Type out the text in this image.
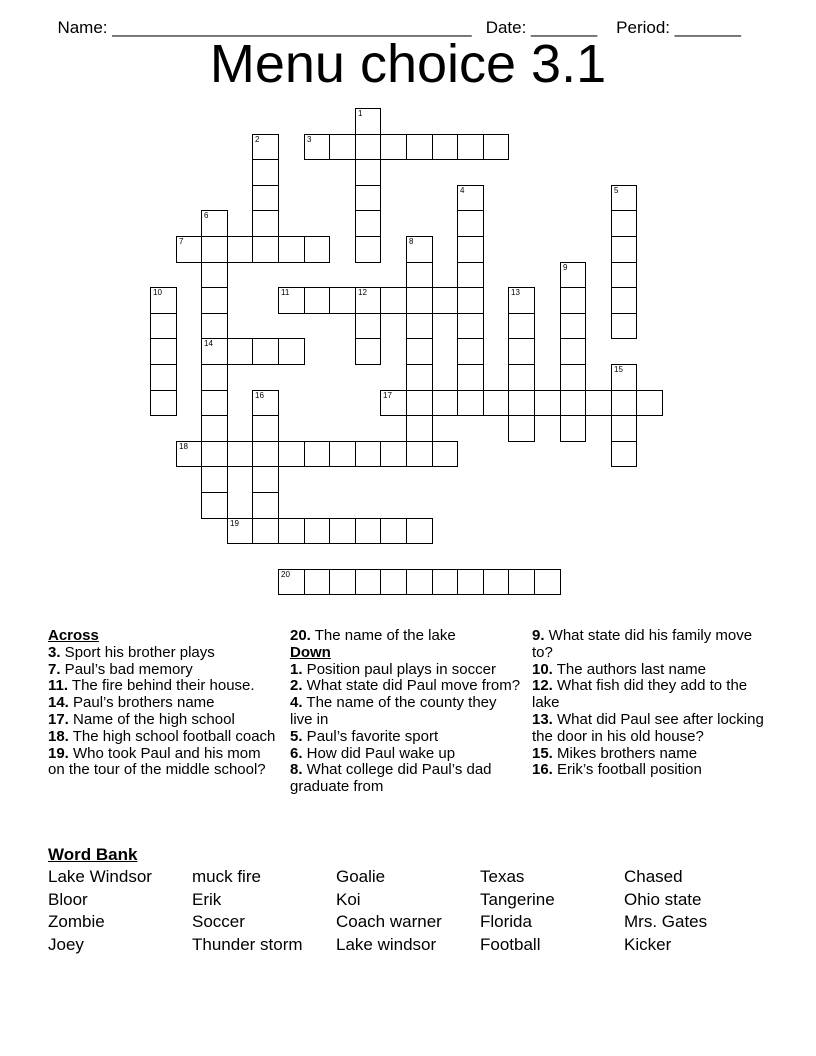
Name: ______________________________________ Date: _______ Period: _______

Menu choice 3.1
1
2	3
4	5
6
14
7	8
9
10	11	12	13
15
16	17
18
19
20
Across
3. Sport his brother plays
7. Paul’s bad memory
11. The fire behind their house.
14. Paul’s brothers name
17. Name of the high school
18. The high school football coach
19. Who took Paul and his mom on the tour of the middle school?
20. The name of the lake
Down
1. Position paul plays in soccer
2. What state did Paul move from?
4. The name of the county they live in
5. Paul’s favorite sport
6. How did Paul wake up
8. What college did Paul’s dad graduate from
9. What state did his family move to?
10. The authors last name
12. What fish did they add to the lake
13. What did Paul see after locking the door in his old house?
15. Mikes brothers name
16. Erik’s football position
Word Bank
Lake Windsor
Bloor
Zombie
Joey
muck fire
Erik
Soccer
Thunder storm
Goalie
Koi
Coach warner
Lake windsor
Texas
Tangerine
Florida
Football
Chased
Ohio state
Mrs. Gates
Kicker
